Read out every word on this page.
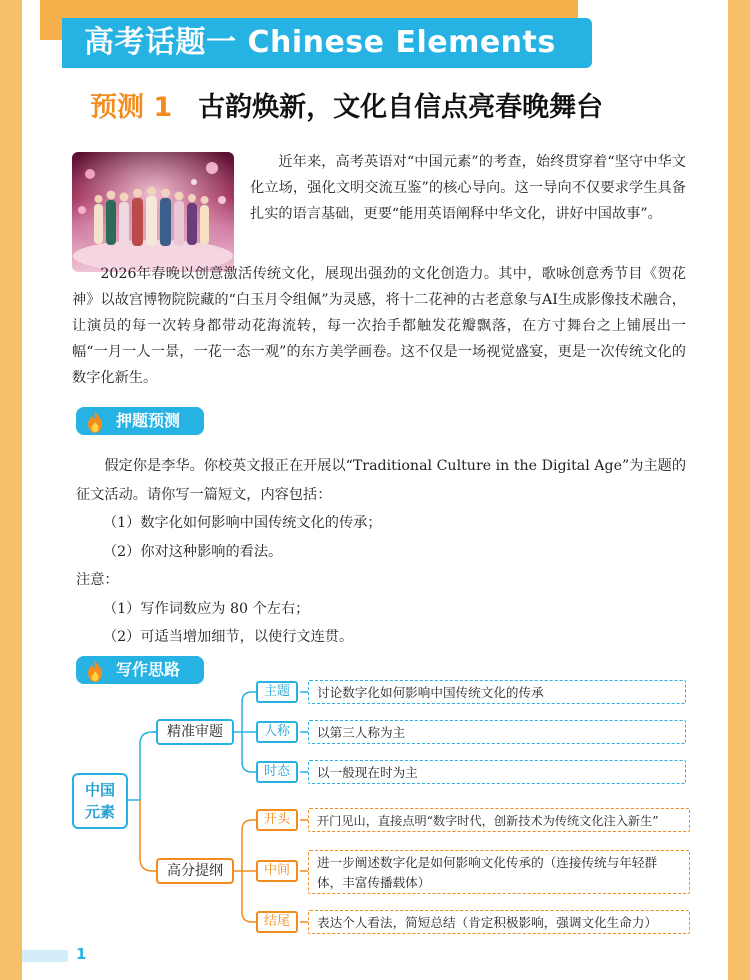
高考话题一 Chinese Elements
预测 1 古韵焕新，文化自信点亮春晚舞台

近年来，高考英语对“中国元素”的考查，始终贯穿着“坚守中华文化立场，强化文明交流互鉴”的核心导向。这一导向不仅要求学生具备扎实的语言基础，更要“能用英语阐释中华文化，讲好中国故事”。

2026年春晚以创意激活传统文化，展现出强劲的文化创造力。其中，歌咏创意秀节目《贺花神》以故宫博物院院藏的“白玉月令组佩”为灵感，将十二花神的古老意象与AI生成影像技术融合，让演员的每一次转身都带动花海流转，每一次抬手都触发花瓣飘落，在方寸舞台之上铺展出一幅“一月一人一景，一花一态一观”的东方美学画卷。这不仅是一场视觉盛宴，更是一次传统文化的数字化新生。

押题预测
假定你是李华。你校英文报正在开展以“Traditional Culture in the Digital Age”为主题的
征文活动。请你写一篇短文，内容包括：
（1）数字化如何影响中国传统文化的传承；
（2）你对这种影响的看法。
注意：
（1）写作词数应为 80 个左右；
（2）可适当增加细节，以使行文连贯。
写作思路
中国
元素
精准审题
高分提纲
主题
人称
时态
讨论数字化如何影响中国传统文化的传承
以第三人称为主
以一般现在时为主
开头
中间
结尾
开门见山，直接点明“数字时代，创新技术为传统文化注入新生”
进一步阐述数字化是如何影响文化传承的（连接传统与年轻群体，丰富传播载体）
表达个人看法，简短总结（肯定积极影响，强调文化生命力）
1
